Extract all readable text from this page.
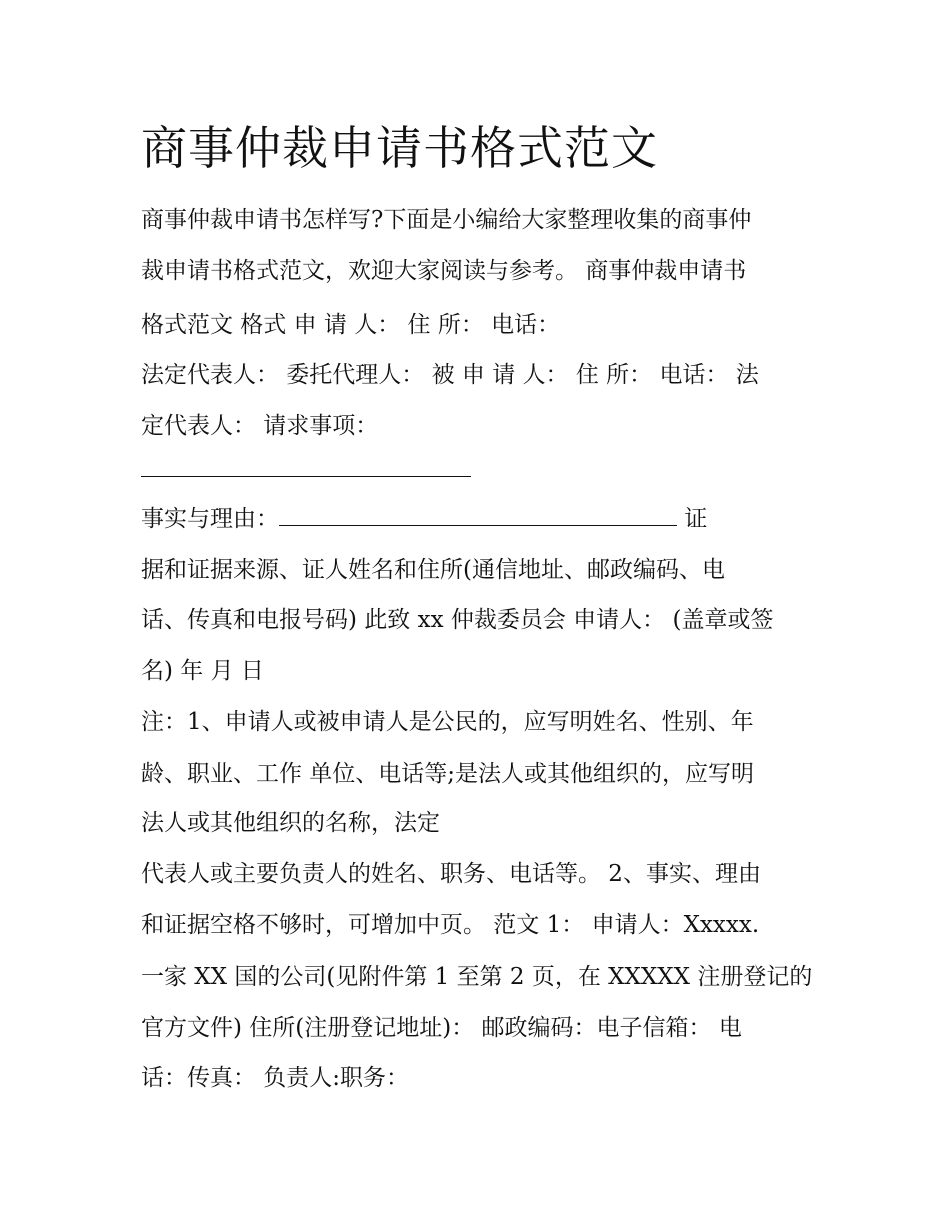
商事仲裁申请书格式范文
商事仲裁申请书怎样写?下面是小编给大家整理收集的商事仲
裁申请书格式范文，欢迎大家阅读与参考。 商事仲裁申请书
格式范文 格式 申 请 人： 住 所： 电话：
法定代表人： 委托代理人： 被 申 请 人： 住 所： 电话： 法
定代表人： 请求事项：
事实与理由：	证
据和证据来源、证人姓名和住所(通信地址、邮政编码、电
话、传真和电报号码) 此致 xx 仲裁委员会 申请人： (盖章或签
名) 年 月 日
注：1、申请人或被申请人是公民的，应写明姓名、性别、年
龄、职业、工作 单位、电话等;是法人或其他组织的，应写明
法人或其他组织的名称，法定
代表人或主要负责人的姓名、职务、电话等。 2、事实、理由
和证据空格不够时，可增加中页。 范文 1： 申请人：Xxxxx.
一家 XX 国的公司(见附件第 1 至第 2 页，在 XXXXX 注册登记的
官方文件) 住所(注册登记地址)： 邮政编码：电子信箱： 电
话：传真： 负责人:职务：
